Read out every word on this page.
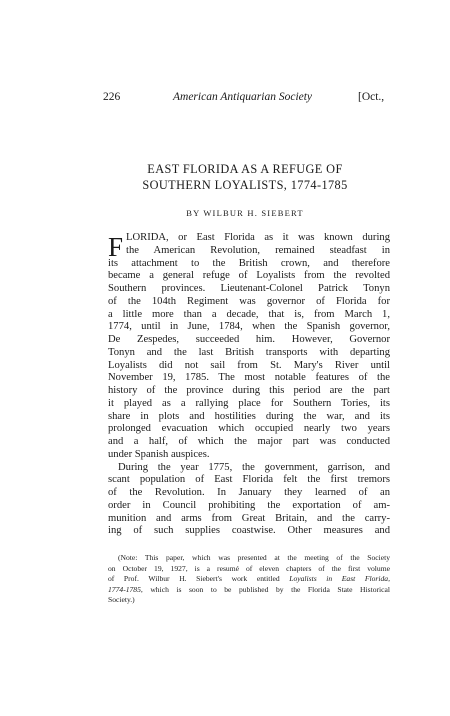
226	American Antiquarian Society	[Oct.,
EAST FLORIDA AS A REFUGE OF
SOUTHERN LOYALISTS, 1774-1785
BY WILBUR H. SIEBERT
F LORIDA, or East Florida as it was known during
the American Revolution, remained steadfast in
its attachment to the British crown, and therefore
became a general refuge of Loyalists from the revolted
Southern provinces. Lieutenant-Colonel Patrick Tonyn
of the 104th Regiment was governor of Florida for
a little more than a decade, that is, from March 1,
1774, until in June, 1784, when the Spanish governor,
De Zespedes, succeeded him. However, Governor
Tonyn and the last British transports with departing
Loyalists did not sail from St. Mary's River until
November 19, 1785. The most notable features of the
history of the province during this period are the part
it played as a rallying place for Southern Tories, its
share in plots and hostilities during the war, and its
prolonged evacuation which occupied nearly two years
and a half, of which the major part was conducted
under Spanish auspices.
During the year 1775, the government, garrison, and
scant population of East Florida felt the first tremors
of the Revolution. In January they learned of an
order in Council prohibiting the exportation of am-
munition and arms from Great Britain, and the carry-
ing of such supplies coastwise. Other measures and
(Note: This paper, which was presented at the meeting of the Society
on October 19, 1927, is a resumé of eleven chapters of the first volume
of Prof. Wilbur H. Siebert's work entitled Loyalists in East Florida,
1774-1785, which is soon to be published by the Florida State Historical
Society.)
